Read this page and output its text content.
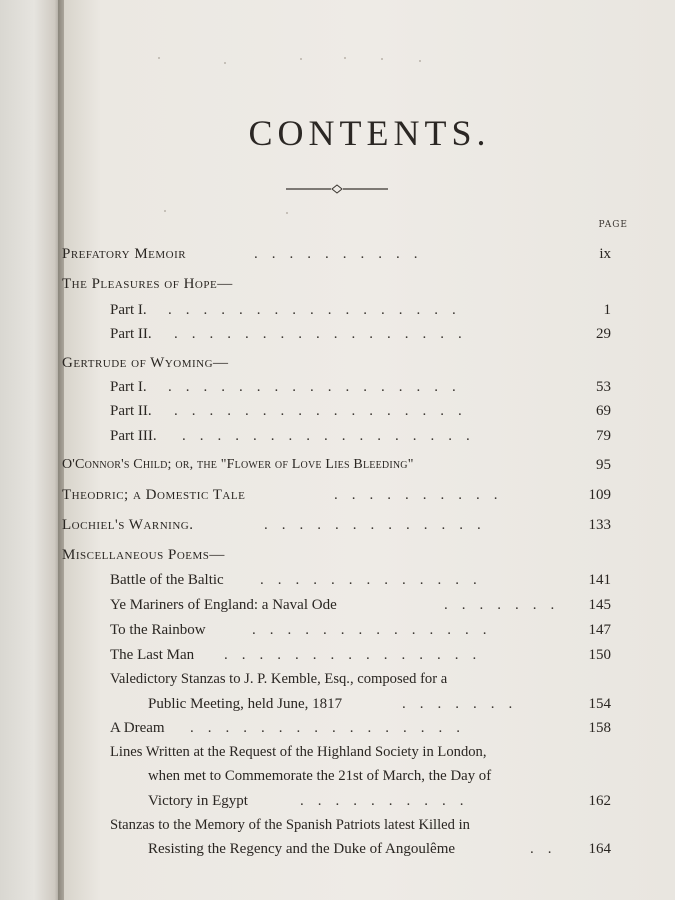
CONTENTS.
PAGE
Prefatory Memoir	..........	ix
The Pleasures of Hope—
Part I. .................	1
Part II. .................	29
Gertrude of Wyoming—
Part I. .................	53
Part II. .................	69
Part III. .................	79
O'Connor's Child; or, the "Flower of Love Lies Bleeding"	95
Theodric; a Domestic Tale	..........	109
Lochiel's Warning.	.............	133
Miscellaneous Poems—
Battle of the Baltic .............	141
Ye Mariners of England: a Naval Ode	.......	145
To the Rainbow	..............	147
The Last Man ...............	150
Valedictory Stanzas to J. P. Kemble, Esq., composed for a
Public Meeting, held June, 1817	.......	154
A Dream ................	158
Lines Written at the Request of the Highland Society in London,
when met to Commemorate the 21st of March, the Day of
Victory in Egypt	..........	162
Stanzas to the Memory of the Spanish Patriots latest Killed in
Resisting the Regency and the Duke of Angoulême	..	164
